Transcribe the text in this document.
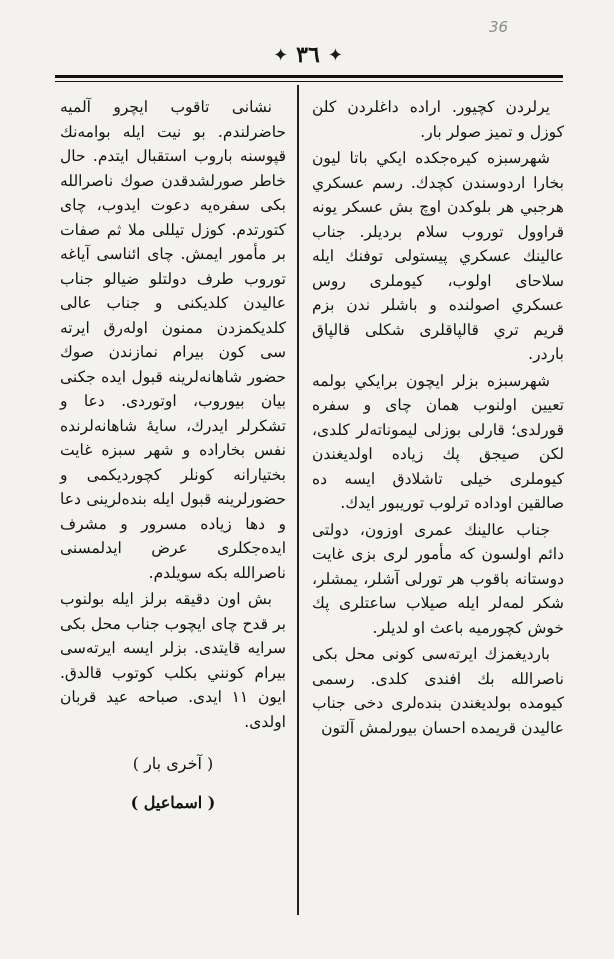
36
✦ ٣٦ ✦

يرلردن كچيور. اراده داغلردن كلن كوزل و تميز صولر بار.

شهرسبزه كيره‌جكده ايكي باتا لیون بخارا اردوسندن كچدك. رسم عسكري هرجبي هر بلوكدن اوچ بش عسكر يونه قراوول توروب سلام بردیلر. جناب عالينك عسكري پيستولی توفنك ايله سلاحای اولوب، كيوملری روس عسكري اصولنده و باشلر ندن بزم قريم تري قالپاقلری شكلی قالپاق باردر.

شهرسبزه بزلر ايچون برايكي بولمه تعيين اولنوب همان چای و سفره قورلدی؛ قارلی بوزلی ليموناته‌لر كلدی، لكن صيجق پك زياده اولديغندن كيوملری خيلی تاشلادق ايسه ده صالقين اوداده ترلوب توريبور ايدك.

جناب عالينك عمری اوزون، دولتی دائم اولسون كه مأمور لری بزی غايت دوستانه باقوب هر تورلی آشلر، يمشلر، شكر لمه‌لر ايله صيلاب ساعتلری پك خوش كچورميه باعث او لديلر.

باردیغمزك ايرته‌سی كونی محل بكی ناصرالله بك افندی كلدی. رسمی كيومده بولديغندن بنده‌لری دخی جناب عاليدن قريمده احسان بيورلمش آلتون

نشانی تاقوب ايچرو آلميه حاضرلندم. بو نيت ايله بوامه‌نك قپوسنه باروب استقبال ايتدم. حال خاطر صورلشدقدن صوك ناصرالله بكی سفره‌يه دعوت ايدوب، چای كتورتدم. كوزل تيللی ملا ثم صفات بر مأمور ايمش. چای ائناسی آياغه توروب طرف دولتلو ضيالو جناب عاليدن كلديكنی و جناب عالی كلديكمزدن ممنون اوله‌رق ايرته سی كون بيرام نمازندن صوك حضور شاهانه‌لرينه قبول ايده جكنی بيان بيوروب، اوتوردی. دعا و تشكرلر ايدرك، سايهٔ شاهانه‌لرنده نفس بخاراده و شهر سبزه غايت بختيارانه كونلر كچورديكمی و حضورلرينه قبول ايله بنده‌لرينی دعا و دها زياده مسرور و مشرف ايده‌جكلری عرض ايدلمسنی ناصرالله بكه سويلدم.

بش اون دقيقه برلز ايله بولنوب بر قدح چای ايچوب جناب محل بكی سرايه قايتدی. بزلر ايسه ايرته‌سی بيرام كونني بكلب كوتوب قالدق. ايون ١١ ايدی. صباحه عيد قربان اولدی.

( آخری بار )
( اسماعيل )
